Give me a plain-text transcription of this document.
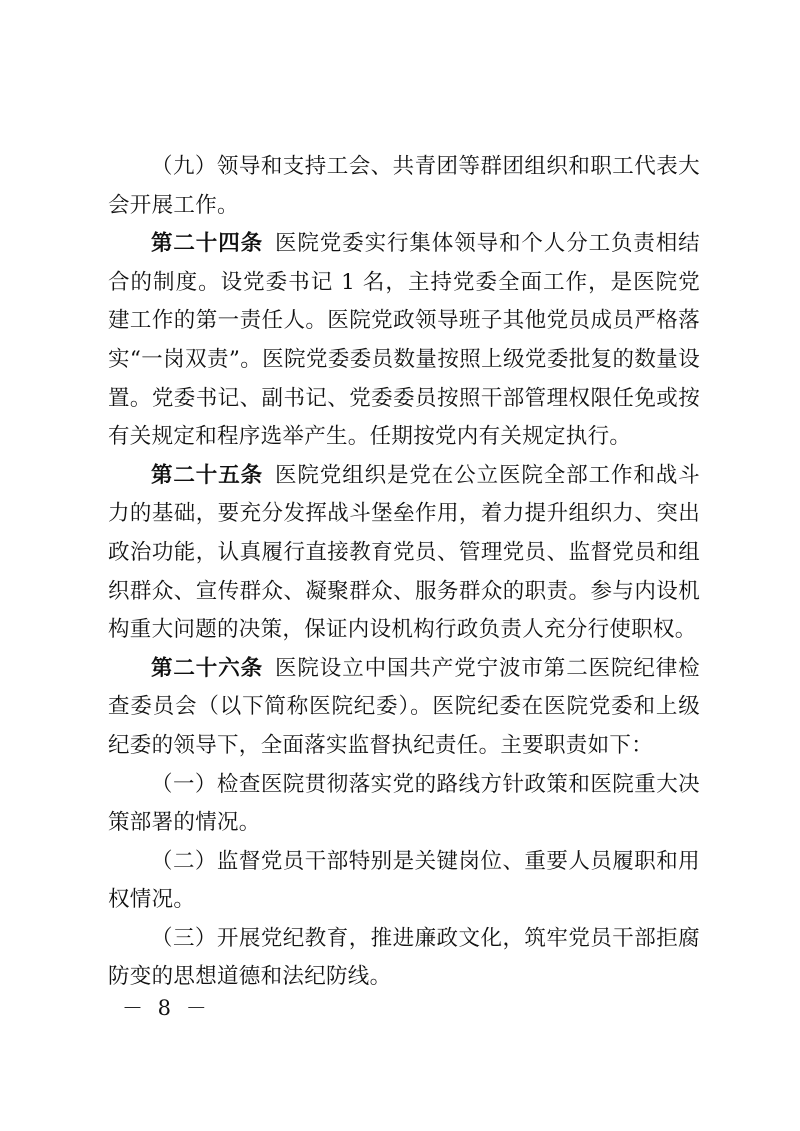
（九）领导和支持工会、共青团等群团组织和职工代表大会开展工作。

第二十四条 医院党委实行集体领导和个人分工负责相结合的制度。设党委书记 1 名，主持党委全面工作，是医院党建工作的第一责任人。医院党政领导班子其他党员成员严格落实“一岗双责”。医院党委委员数量按照上级党委批复的数量设置。党委书记、副书记、党委委员按照干部管理权限任免或按有关规定和程序选举产生。任期按党内有关规定执行。

第二十五条 医院党组织是党在公立医院全部工作和战斗力的基础，要充分发挥战斗堡垒作用，着力提升组织力、突出政治功能，认真履行直接教育党员、管理党员、监督党员和组织群众、宣传群众、凝聚群众、服务群众的职责。参与内设机构重大问题的决策，保证内设机构行政负责人充分行使职权。

第二十六条 医院设立中国共产党宁波市第二医院纪律检查委员会（以下简称医院纪委）。医院纪委在医院党委和上级纪委的领导下，全面落实监督执纪责任。主要职责如下：

（一）检查医院贯彻落实党的路线方针政策和医院重大决策部署的情况。

（二）监督党员干部特别是关键岗位、重要人员履职和用权情况。

（三）开展党纪教育，推进廉政文化，筑牢党员干部拒腐防变的思想道德和法纪防线。

－ 8 －
